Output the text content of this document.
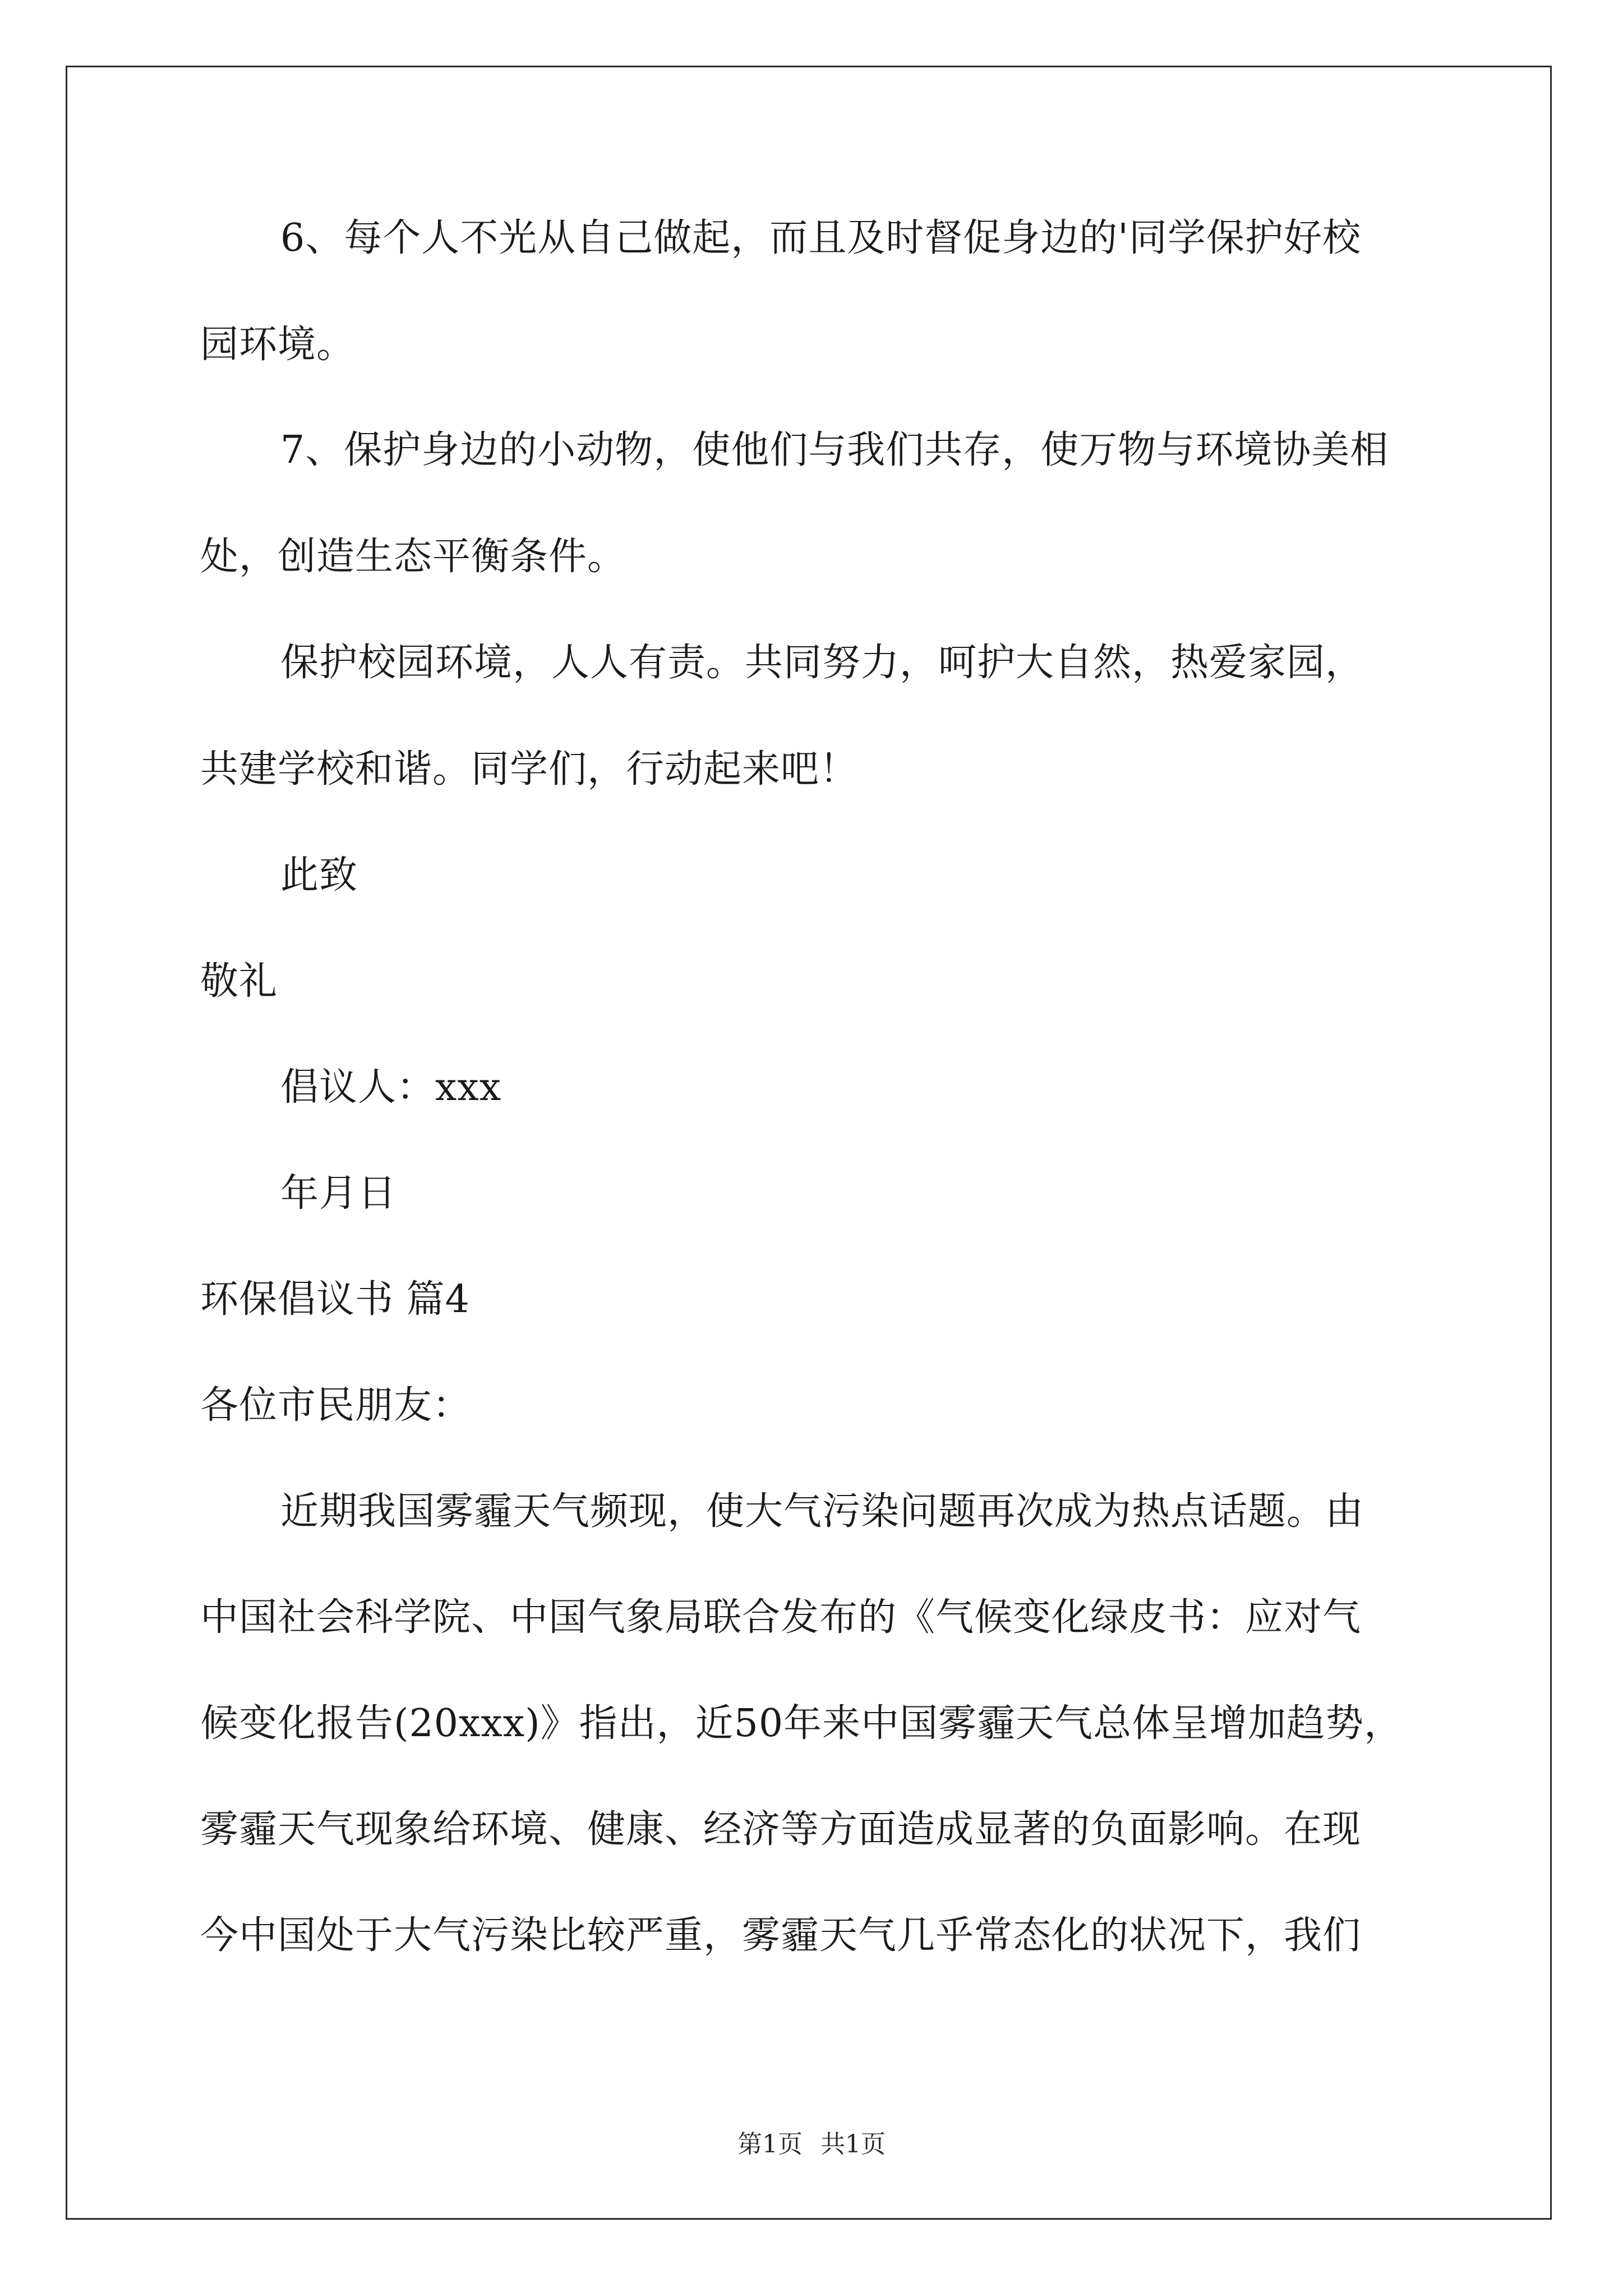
6、每个人不光从自己做起，而且及时督促身边的'同学保护好校
园环境。
7、保护身边的小动物，使他们与我们共存，使万物与环境协美相
处，创造生态平衡条件。
保护校园环境，人人有责。共同努力，呵护大自然，热爱家园，
共建学校和谐。同学们，行动起来吧！
此致
敬礼
倡议人：xxx
年月日
环保倡议书 篇4
各位市民朋友：
近期我国雾霾天气频现，使大气污染问题再次成为热点话题。由
中国社会科学院、中国气象局联合发布的《气候变化绿皮书：应对气
候变化报告(20xxx)》指出，近50年来中国雾霾天气总体呈增加趋势，
雾霾天气现象给环境、健康、经济等方面造成显著的负面影响。在现
今中国处于大气污染比较严重，雾霾天气几乎常态化的状况下，我们
第1页 共1页
